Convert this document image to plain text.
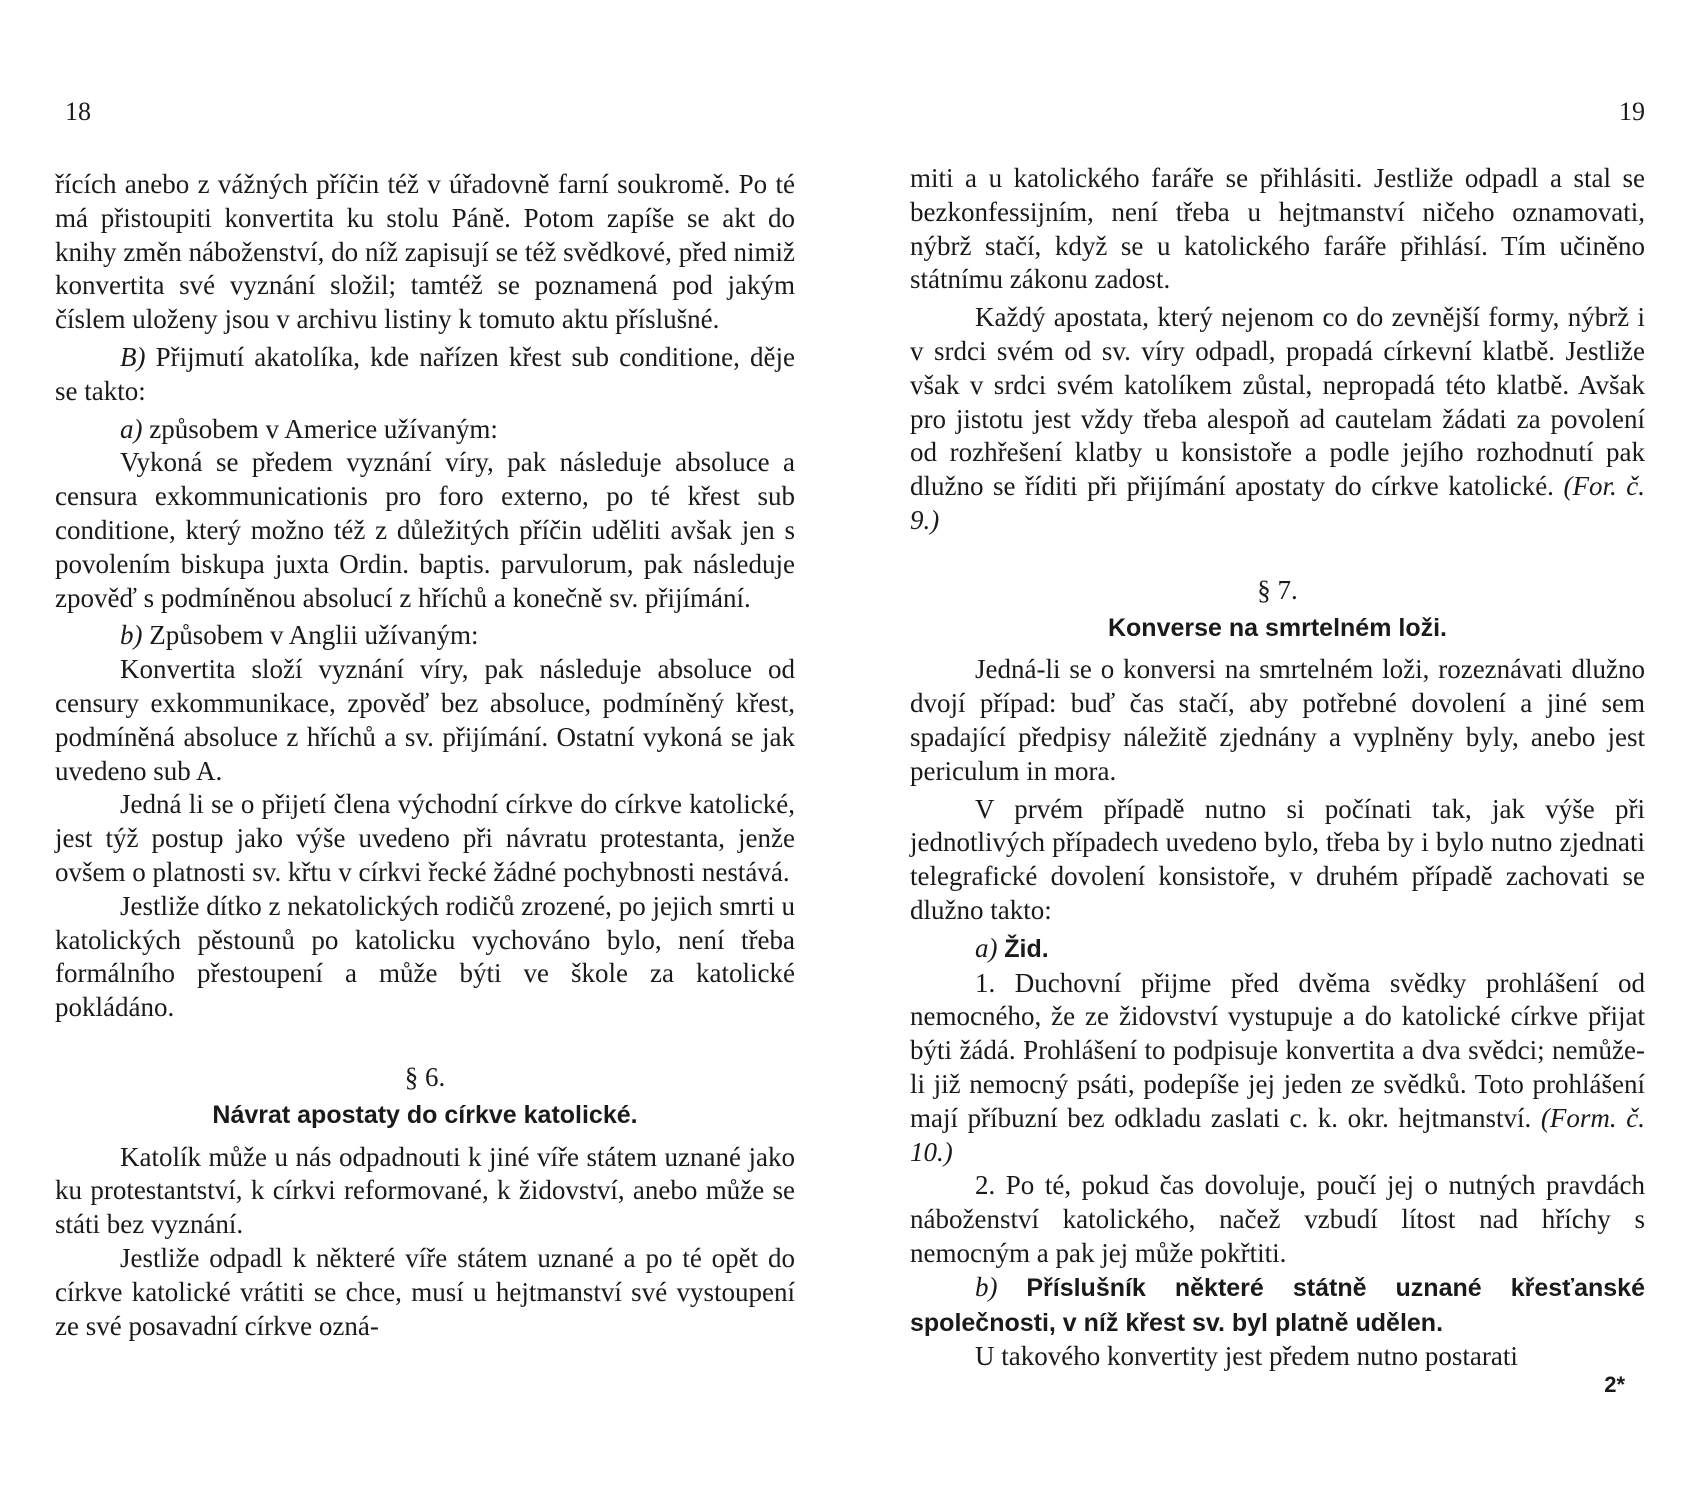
18

řících anebo z vážných příčin též v úřadovně farní soukromě. Po té má přistoupiti konvertita ku stolu Páně. Potom zapíše se akt do knihy změn náboženství, do níž zapisují se též svědkové, před nimiž konvertita své vyznání složil; tamtéž se poznamená pod jakým číslem uloženy jsou v archivu listiny k tomuto aktu příslušné.

B) Přijmutí akatolíka, kde nařízen křest sub conditione, děje se takto:

a) způsobem v Americe užívaným:

Vykoná se předem vyznání víry, pak následuje absoluce a censura exkommunicationis pro foro externo, po té křest sub conditione, který možno též z důležitých příčin uděliti avšak jen s povolením biskupa juxta Ordin. baptis. parvulorum, pak následuje zpověď s podmíněnou absolucí z hříchů a konečně sv. přijímání.

b) Způsobem v Anglii užívaným:

Konvertita složí vyznání víry, pak následuje absoluce od censury exkommunikace, zpověď bez absoluce, podmíněný křest, podmíněná absoluce z hříchů a sv. přijímání. Ostatní vykoná se jak uvedeno sub A.

Jedná li se o přijetí člena východní církve do církve katolické, jest týž postup jako výše uvedeno při návratu protestanta, jenže ovšem o platnosti sv. křtu v církvi řecké žádné pochybnosti nestává.

Jestliže dítko z nekatolických rodičů zrozené, po jejich smrti u katolických pěstounů po katolicku vychováno bylo, není třeba formálního přestoupení a může býti ve škole za katolické pokládáno.

§ 6.
Návrat apostaty do církve katolické.

Katolík může u nás odpadnouti k jiné víře státem uznané jako ku protestantství, k církvi reformované, k židovství, anebo může se státi bez vyznání.

Jestliže odpadl k některé víře státem uznané a po té opět do církve katolické vrátiti se chce, musí u hejtmanství své vystoupení ze své posavadní církve ozná-

19

miti a u katolického faráře se přihlásiti. Jestliže odpadl a stal se bezkonfessijním, není třeba u hejtmanství ničeho oznamovati, nýbrž stačí, když se u katolického faráře přihlásí. Tím učiněno státnímu zákonu zadost.

Každý apostata, který nejenom co do zevnější formy, nýbrž i v srdci svém od sv. víry odpadl, propadá církevní klatbě. Jestliže však v srdci svém katolíkem zůstal, nepropadá této klatbě. Avšak pro jistotu jest vždy třeba alespoň ad cautelam žádati za povolení od rozhřešení klatby u konsistoře a podle jejího rozhodnutí pak dlužno se říditi při přijímání apostaty do církve katolické. (For. č. 9.)

§ 7.
Konverse na smrtelném loži.

Jedná-li se o konversi na smrtelném loži, rozeznávati dlužno dvojí případ: buď čas stačí, aby potřebné dovolení a jiné sem spadající předpisy náležitě zjednány a vyplněny byly, anebo jest periculum in mora.

V prvém případě nutno si počínati tak, jak výše při jednotlivých případech uvedeno bylo, třeba by i bylo nutno zjednati telegrafické dovolení konsistoře, v druhém případě zachovati se dlužno takto:

a) Žid.

1. Duchovní přijme před dvěma svědky prohlášení od nemocného, že ze židovství vystupuje a do katolické církve přijat býti žádá. Prohlášení to podpisuje konvertita a dva svědci; nemůže-li již nemocný psáti, podepíše jej jeden ze svědků. Toto prohlášení mají příbuzní bez odkladu zaslati c. k. okr. hejtmanství. (Form. č. 10.)

2. Po té, pokud čas dovoluje, poučí jej o nutných pravdách náboženství katolického, načež vzbudí lítost nad hříchy s nemocným a pak jej může pokřtiti.

b) Příslušník některé státně uznané křesťanské společnosti, v níž křest sv. byl platně udělen.

U takového konvertity jest předem nutno postarati

2*
